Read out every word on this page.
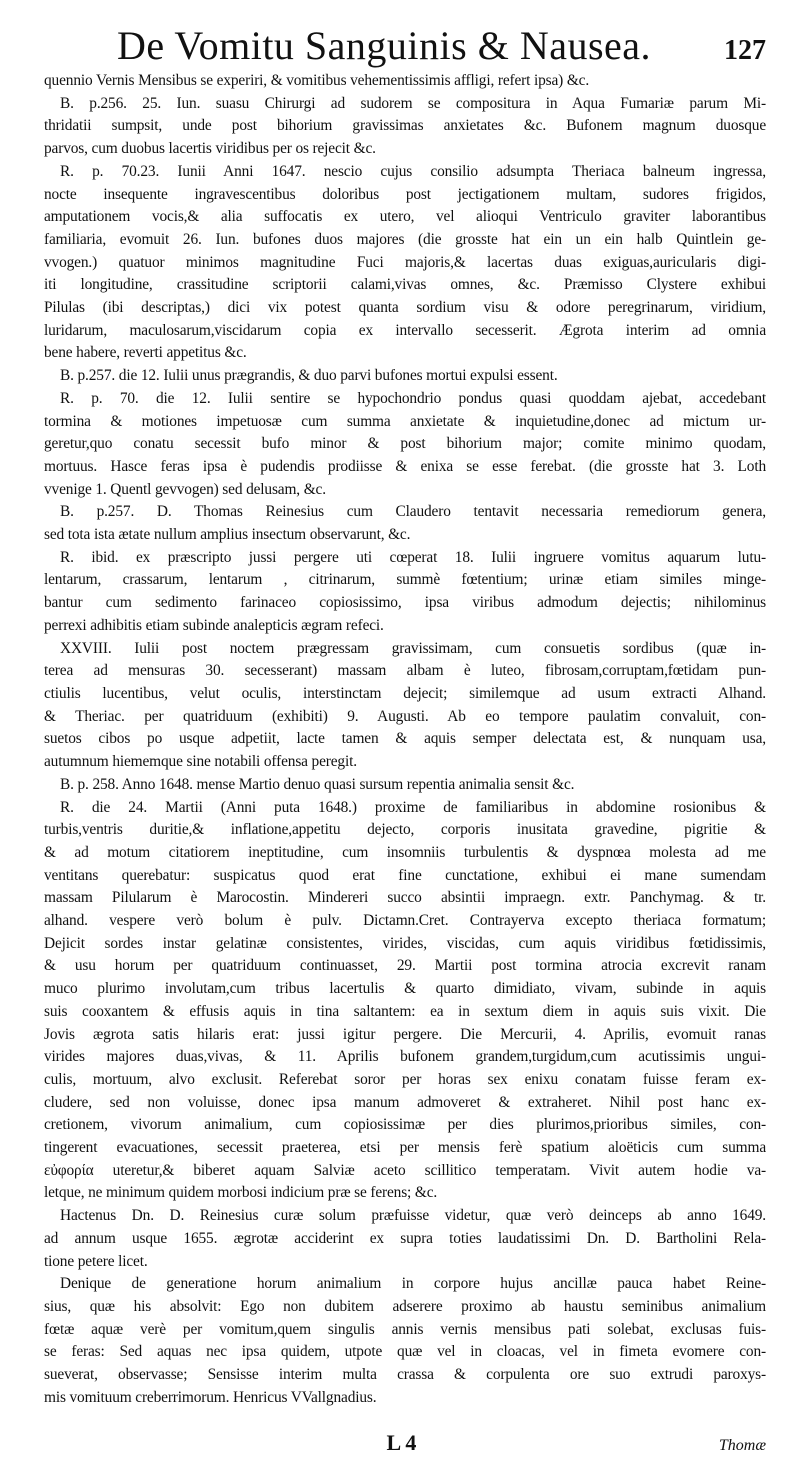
De Vomitu Sanguinis & Nausea.	127
quennio Vernis Mensibus se experiri, & vomitibus vehementissimis affligi, refert ipsa) &c.
B. p.256. 25. Iun. suasu Chirurgi ad sudorem se compositura in Aqua Fumariæ parum Mi-
thridatii sumpsit, unde post bihorium gravissimas anxietates &c. Bufonem magnum duosque
parvos, cum duobus lacertis viridibus per os rejecit &c.
R. p. 70.23. Iunii Anni 1647. nescio cujus consilio adsumpta Theriaca balneum ingressa,
nocte insequente ingravescentibus doloribus post jectigationem multam, sudores frigidos,
amputationem vocis,& alia suffocatis ex utero, vel alioqui Ventriculo graviter laborantibus
familiaria, evomuit 26. Iun. bufones duos majores (die grosste hat ein un ein halb Quintlein ge-
vvogen.) quatuor minimos magnitudine Fuci majoris,& lacertas duas exiguas,auricularis digi-
iti longitudine, crassitudine scriptorii calami,vivas omnes, &c. Præmisso Clystere exhibui
Pilulas (ibi descriptas,) dici vix potest quanta sordium visu & odore peregrinarum, viridium,
luridarum, maculosarum,viscidarum copia ex intervallo secesserit. Ægrota interim ad omnia
bene habere, reverti appetitus &c.
B. p.257. die 12. Iulii unus prægrandis, & duo parvi bufones mortui expulsi essent.
R. p. 70. die 12. Iulii sentire se hypochondrio pondus quasi quoddam ajebat, accedebant
tormina & motiones impetuosæ cum summa anxietate & inquietudine,donec ad mictum ur-
geretur,quo conatu secessit bufo minor & post bihorium major; comite minimo quodam,
mortuus. Hasce feras ipsa è pudendis prodiisse & enixa se esse ferebat. (die grosste hat 3. Loth
vvenige 1. Quentl gevvogen) sed delusam, &c.
B. p.257. D. Thomas Reinesius cum Claudero tentavit necessaria remediorum genera,
sed tota ista ætate nullum amplius insectum observarunt, &c.
R. ibid. ex præscripto jussi pergere uti cœperat 18. Iulii ingruere vomitus aquarum lutu-
lentarum, crassarum, lentarum , citrinarum, summè fœtentium; urinæ etiam similes minge-
bantur cum sedimento farinaceo copiosissimo, ipsa viribus admodum dejectis; nihilominus
perrexi adhibitis etiam subinde analepticis ægram refeci.
XXVIII. Iulii post noctem prægressam gravissimam, cum consuetis sordibus (quæ in-
terea ad mensuras 30. secesserant) massam albam è luteo, fibrosam,corruptam,fœtidam pun-
ctiulis lucentibus, velut oculis, interstinctam dejecit; similemque ad usum extracti Alhand.
& Theriac. per quatriduum (exhibiti) 9. Augusti. Ab eo tempore paulatim convaluit, con-
suetos cibos po usque adpetiit, lacte tamen & aquis semper delectata est, & nunquam usa,
autumnum hiememque sine notabili offensa peregit.
B. p. 258. Anno 1648. mense Martio denuo quasi sursum repentia animalia sensit &c.
R. die 24. Martii (Anni puta 1648.) proxime de familiaribus in abdomine rosionibus &
turbis,ventris duritie,& inflatione,appetitu dejecto, corporis inusitata gravedine, pigritie &
& ad motum citatiorem ineptitudine, cum insomniis turbulentis & dyspnœa molesta ad me
ventitans querebatur: suspicatus quod erat fine cunctatione, exhibui ei mane sumendam
massam Pilularum è Marocostin. Mindereri succo absintii impraegn. extr. Panchymag. & tr.
alhand. vespere verò bolum è pulv. Dictamn.Cret. Contrayerva excepto theriaca formatum;
Dejicit sordes instar gelatinæ consistentes, virides, viscidas, cum aquis viridibus fœtidissimis,
& usu horum per quatriduum continuasset, 29. Martii post tormina atrocia excrevit ranam
muco plurimo involutam,cum tribus lacertulis & quarto dimidiato, vivam, subinde in aquis
suis cooxantem & effusis aquis in tina saltantem: ea in sextum diem in aquis suis vixit. Die
Jovis ægrota satis hilaris erat: jussi igitur pergere. Die Mercurii, 4. Aprilis, evomuit ranas
virides majores duas,vivas, & 11. Aprilis bufonem grandem,turgidum,cum acutissimis ungui-
culis, mortuum, alvo exclusit. Referebat soror per horas sex enixu conatam fuisse feram ex-
cludere, sed non voluisse, donec ipsa manum admoveret & extraheret. Nihil post hanc ex-
cretionem, vivorum animalium, cum copiosissimæ per dies plurimos,prioribus similes, con-
tingerent evacuationes, secessit praeterea, etsi per mensis ferè spatium aloëticis cum summa
εὐφορία uteretur,& biberet aquam Salviæ aceto scillitico temperatam. Vivit autem hodie va-
letque, ne minimum quidem morbosi indicium præ se ferens; &c.
Hactenus Dn. D. Reinesius curæ solum præfuisse videtur, quæ verò deinceps ab anno 1649.
ad annum usque 1655. ægrotæ acciderint ex supra toties laudatissimi Dn. D. Bartholini Rela-
tione petere licet.
Denique de generatione horum animalium in corpore hujus ancillæ pauca habet Reine-
sius, quæ his absolvit: Ego non dubitem adserere proximo ab haustu seminibus animalium
fœtæ aquæ verè per vomitum,quem singulis annis vernis mensibus pati solebat, exclusas fuis-
se feras: Sed aquas nec ipsa quidem, utpote quæ vel in cloacas, vel in fimeta evomere con-
sueverat, observasse; Sensisse interim multa crassa & corpulenta ore suo extrudi paroxys-
mis vomituum creberrimorum. Henricus VVallgnadius.
L 4	Thomæ
